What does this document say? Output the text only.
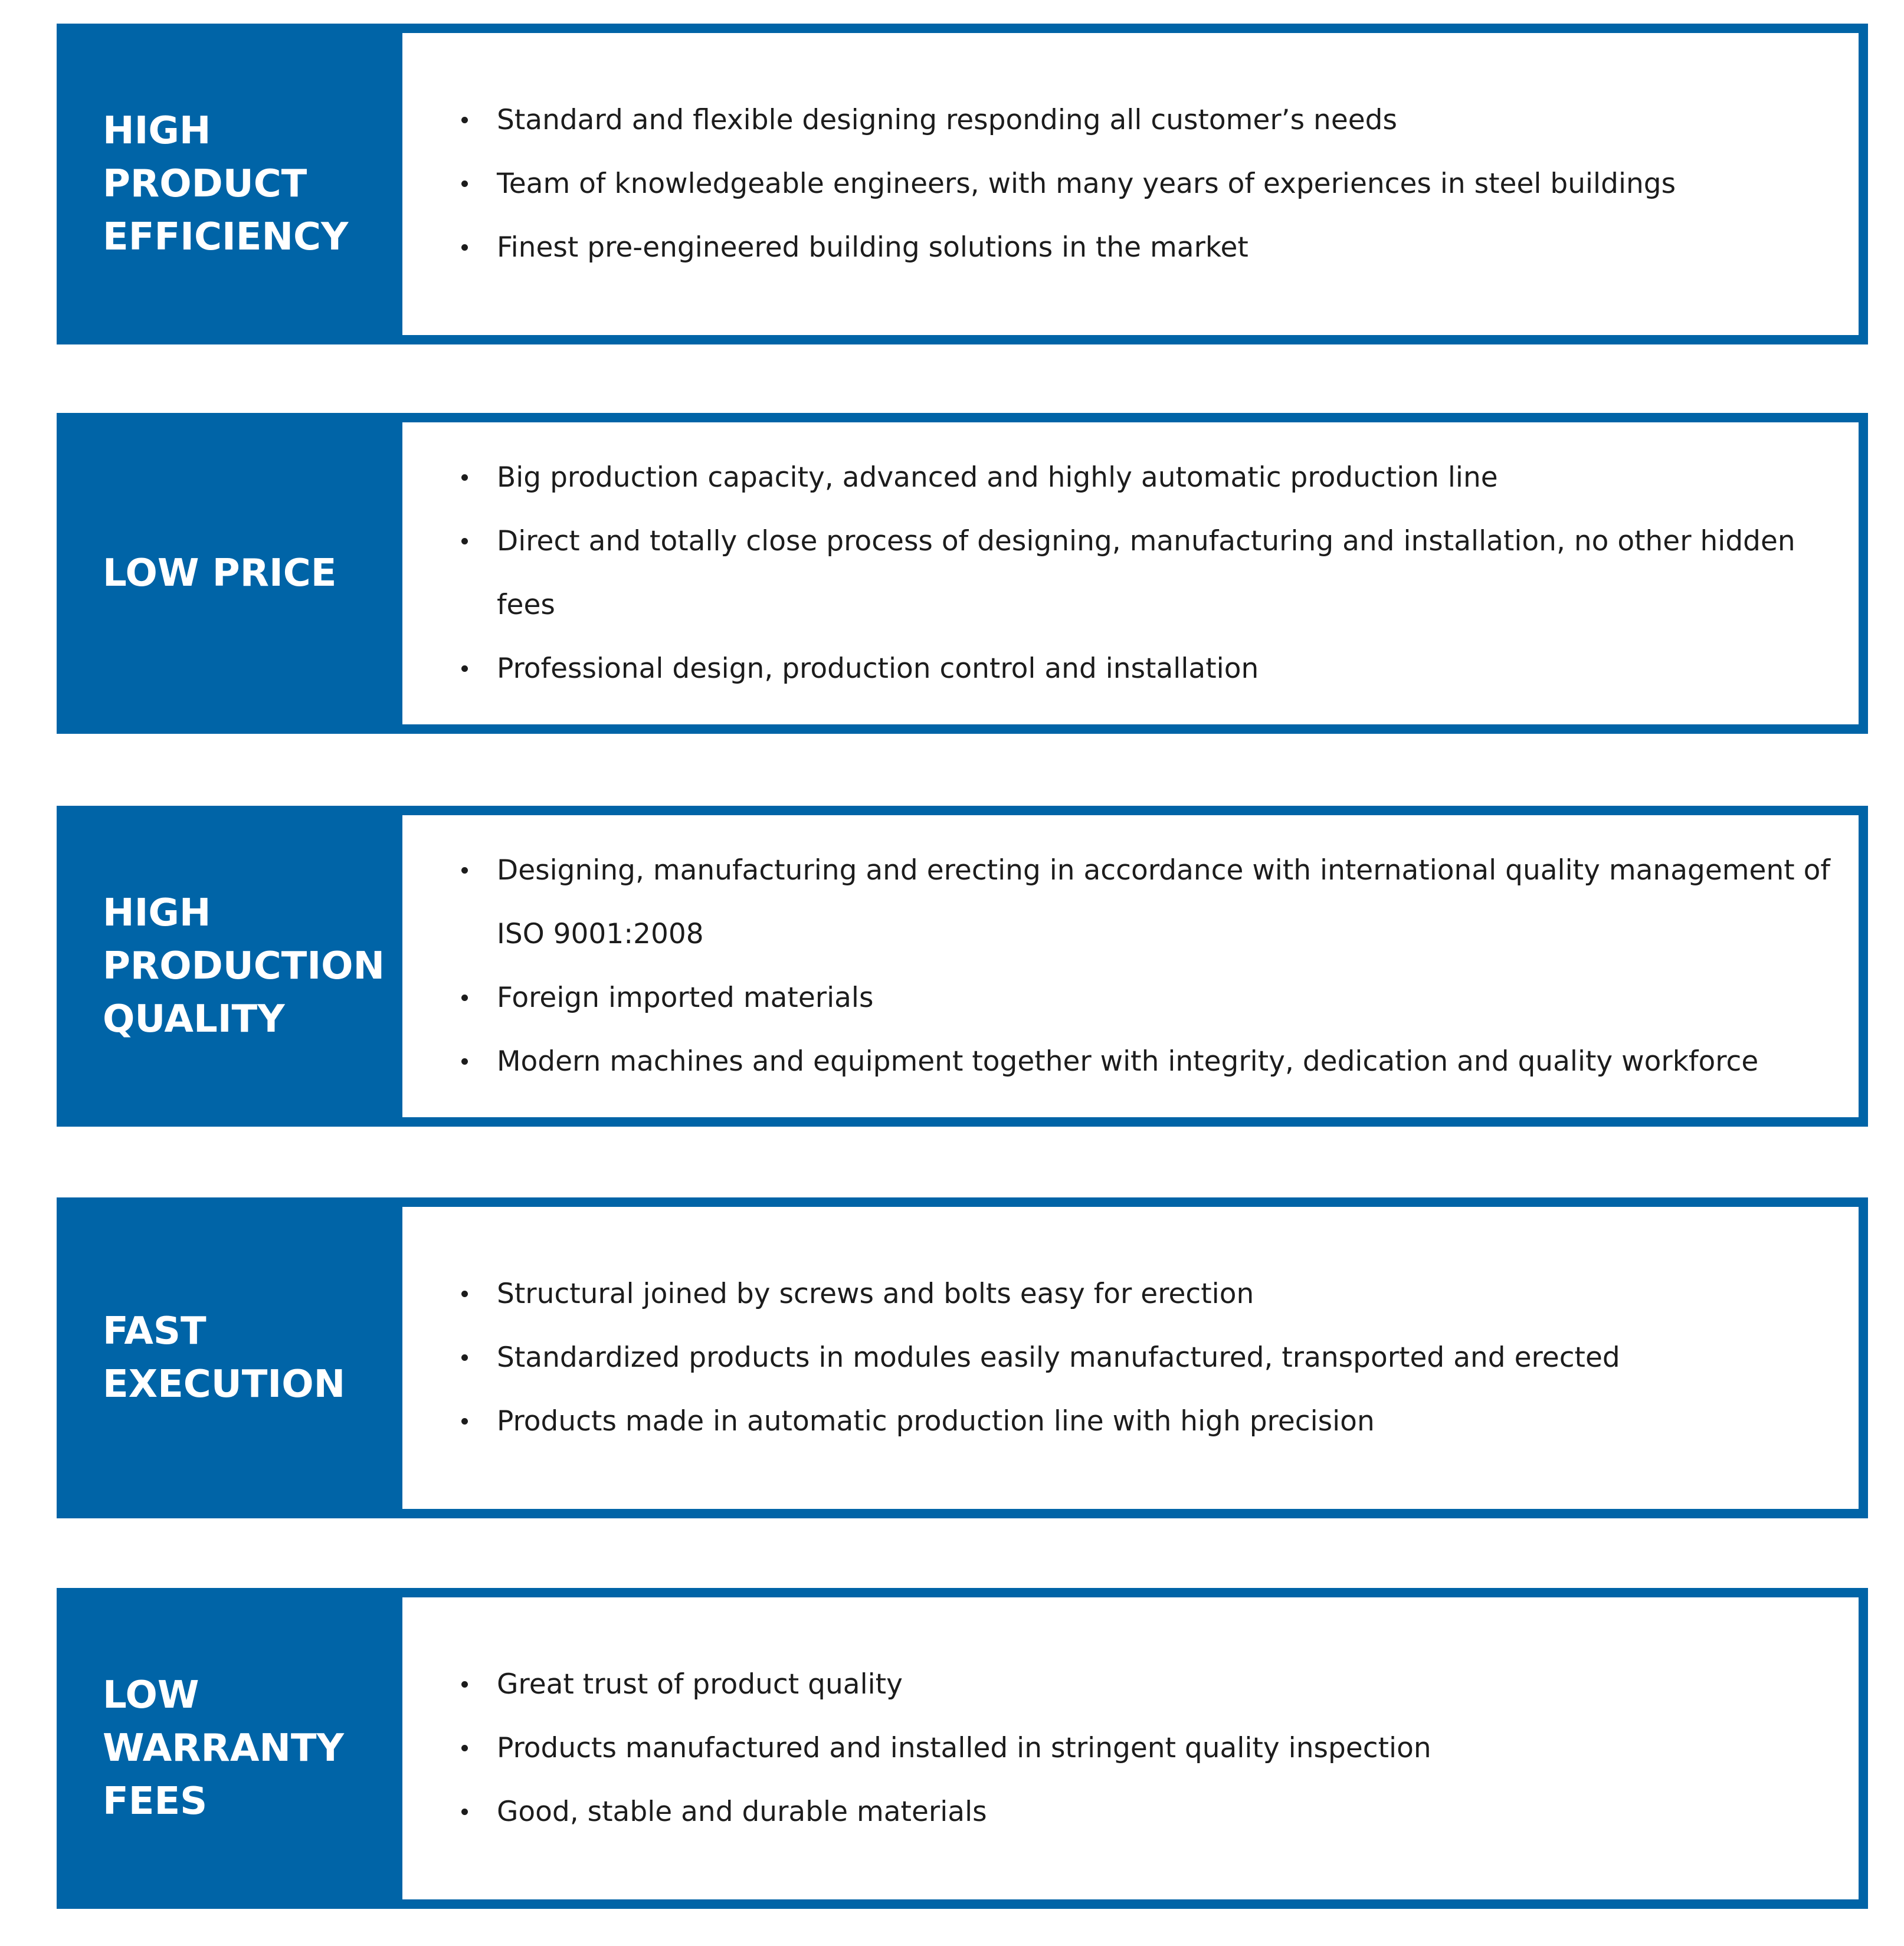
HIGH PRODUCT EFFICIENCY
Standard and flexible designing responding all customer’s needs
Team of knowledgeable engineers, with many years of experiences in steel buildings
Finest pre-engineered building solutions in the market
LOW PRICE
Big production capacity, advanced and highly automatic production line
Direct and totally close process of designing, manufacturing and installation, no other hidden fees
Professional design, production control and installation
HIGH PRODUCTION QUALITY
Designing, manufacturing and erecting in accordance with international quality management of ISO 9001:2008
Foreign imported materials
Modern machines and equipment together with integrity, dedication and quality workforce
FAST EXECUTION
Structural joined by screws and bolts easy for erection
Standardized products in modules easily manufactured, transported and erected
Products made in automatic production line with high precision
LOW WARRANTY FEES
Great trust of product quality
Products manufactured and installed in stringent quality inspection
Good, stable and durable materials
